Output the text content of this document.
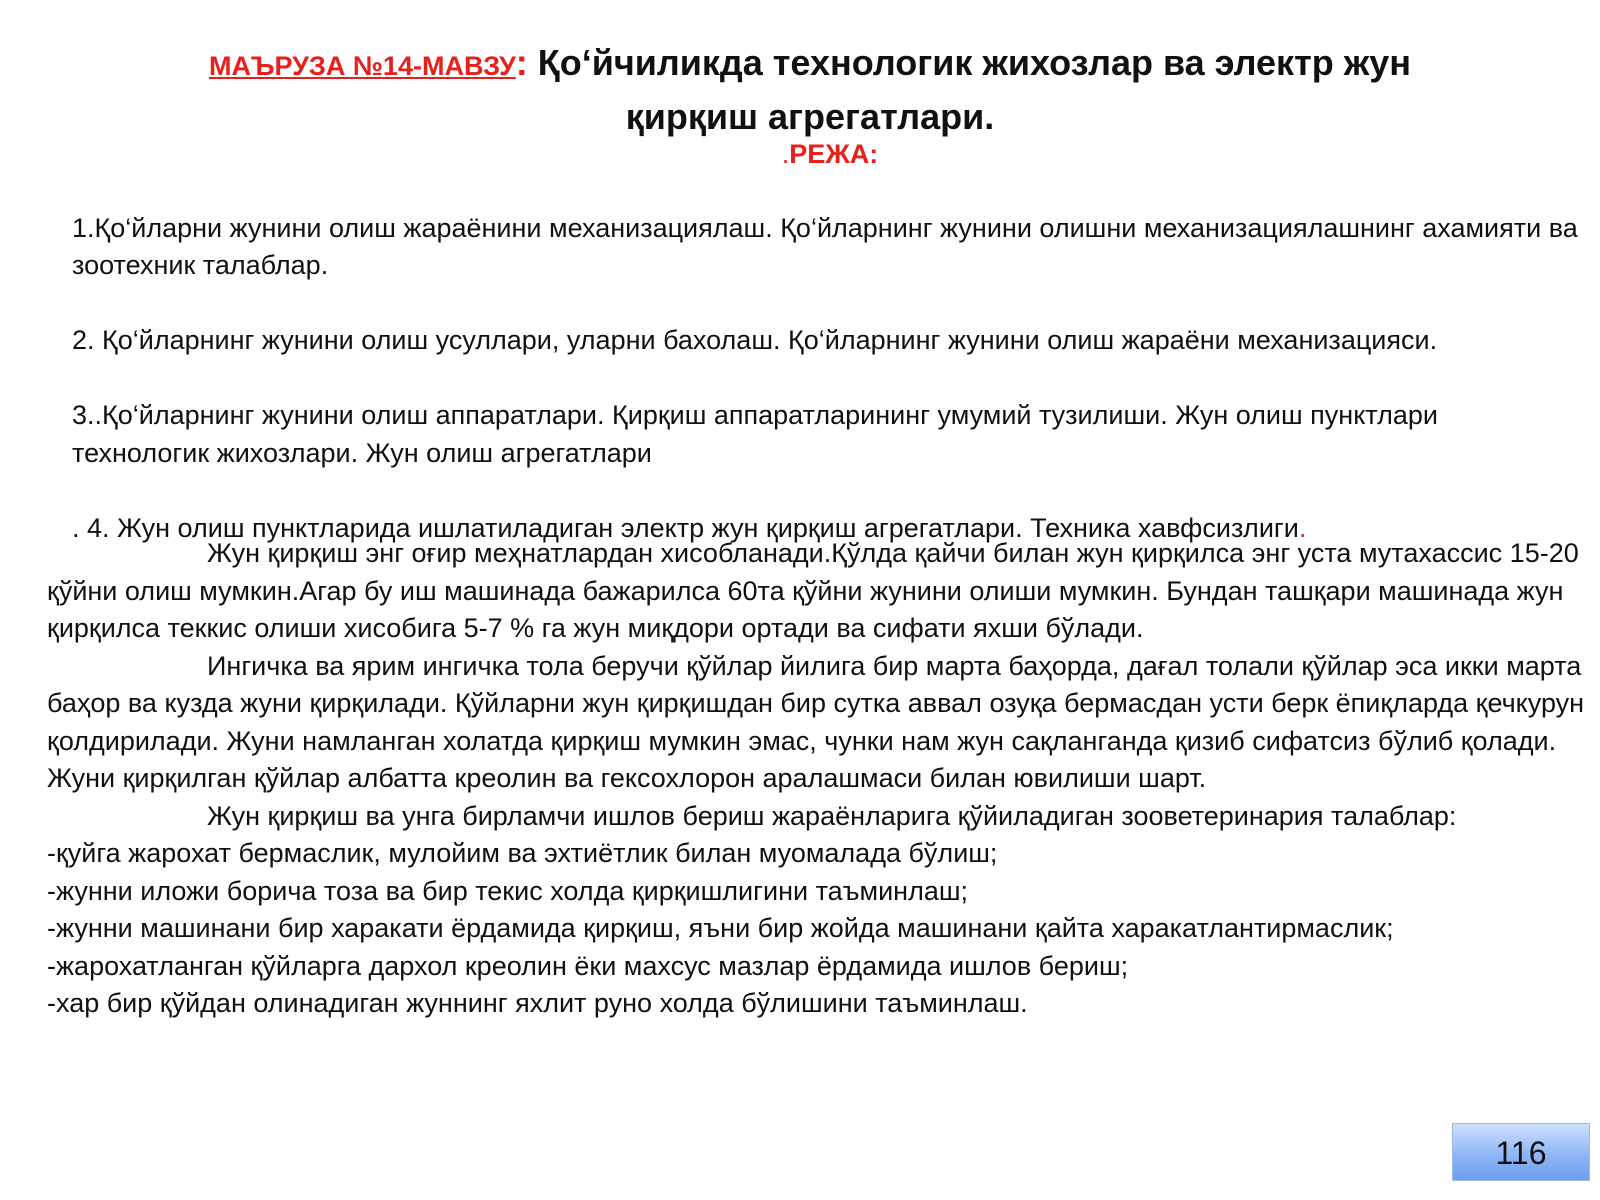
МАЪРУЗА №14-МАВЗУ: Қо‘йчиликда технологик жихозлар ва электр жун
қирқиш агрегатлари.
.РЕЖА:

1.Қо‘йларни жунини олиш жараёнини механизациялаш. Қо‘йларнинг жунини олишни механизациялашнинг ахамияти ва зоотехник талаблар.

2. Қо‘йларнинг жунини олиш усуллари, уларни бахолаш. Қо‘йларнинг жунини олиш жараёни механизацияси.

3..Қо‘йларнинг жунини олиш аппаратлари. Қирқиш аппаратларининг умумий тузилиши. Жун олиш пунктлари технологик жихозлари. Жун олиш агрегатлари

. 4. Жун олиш пунктларида ишлатиладиган электр жун қирқиш агрегатлари. Техника хавфсизлиги.

Жун қирқиш энг оғир меҳнатлардан хисобланади.Қўлда қайчи билан жун қирқилса энг уста мутахассис 15-20 қўйни олиш мумкин.Агар бу иш машинада бажарилса 60та қўйни жунини олиши мумкин. Бундан ташқари машинада жун қирқилса теккис олиши хисобига 5-7 % га жун миқдори ортади ва сифати яхши бўлади.

Ингичка ва ярим ингичка тола беручи қўйлар йилига бир марта баҳорда, дағал толали қўйлар эса икки марта баҳор ва кузда жуни қирқилади. Қўйларни жун қирқишдан бир сутка аввал озуқа бермасдан усти берк ёпиқларда қечкурун қолдирилади. Жуни намланган холатда қирқиш мумкин эмас, чунки нам жун сақланганда қизиб сифатсиз бўлиб қолади. Жуни қирқилган қўйлар албатта креолин ва гексохлорон аралашмаси билан ювилиши шарт.

Жун қирқиш ва унга бирламчи ишлов бериш жараёнларига қўйиладиган зооветеринария талаблар:

-қуйга жарохат бермаслик, мулойим ва эхтиётлик билан муомалада бўлиш;

-жунни иложи борича тоза ва бир текис холда қирқишлигини таъминлаш;

-жунни машинани бир харакати ёрдамида қирқиш, яъни бир жойда машинани қайта харакатлантирмаслик;

-жарохатланган қўйларга дархол креолин ёки махсус мазлар ёрдамида ишлов бериш;

-хар бир қўйдан олинадиган жуннинг яхлит руно холда бўлишини таъминлаш.

116
